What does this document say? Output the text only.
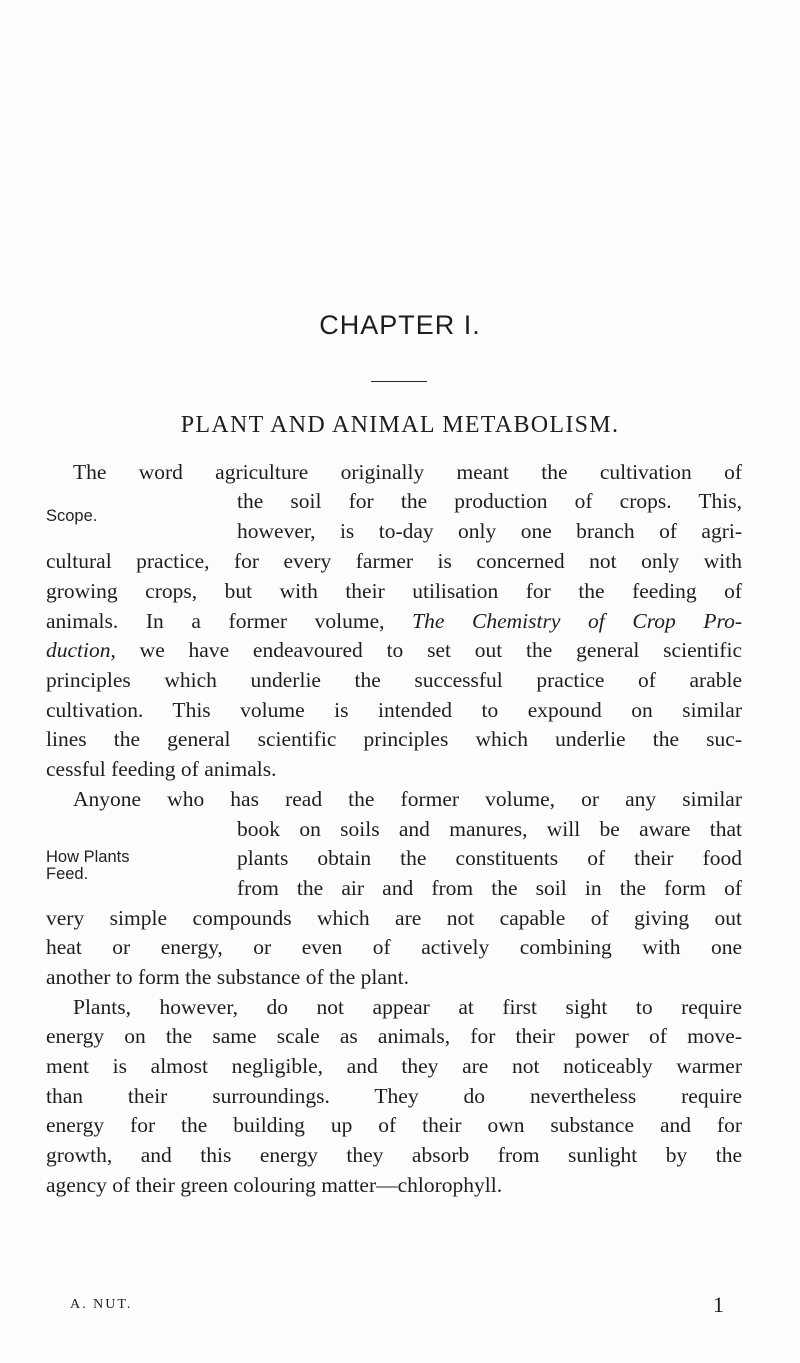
CHAPTER I.
PLANT AND ANIMAL METABOLISM.
The word agriculture originally meant the cultivation of
the soil for the production of crops. This,
however, is to-day only one branch of agri-
cultural practice, for every farmer is concerned not only with
growing crops, but with their utilisation for the feeding of
animals. In a former volume, The Chemistry of Crop Pro-
duction, we have endeavoured to set out the general scientific
principles which underlie the successful practice of arable
cultivation. This volume is intended to expound on similar
lines the general scientific principles which underlie the suc-
cessful feeding of animals.
Anyone who has read the former volume, or any similar
book on soils and manures, will be aware that
plants obtain the constituents of their food
from the air and from the soil in the form of
very simple compounds which are not capable of giving out
heat or energy, or even of actively combining with one
another to form the substance of the plant.
Plants, however, do not appear at first sight to require
energy on the same scale as animals, for their power of move-
ment is almost negligible, and they are not noticeably warmer
than their surroundings. They do nevertheless require
energy for the building up of their own substance and for
growth, and this energy they absorb from sunlight by the
agency of their green colouring matter—chlorophyll.
Scope.
How Plants
Feed.
A. NUT.	1
